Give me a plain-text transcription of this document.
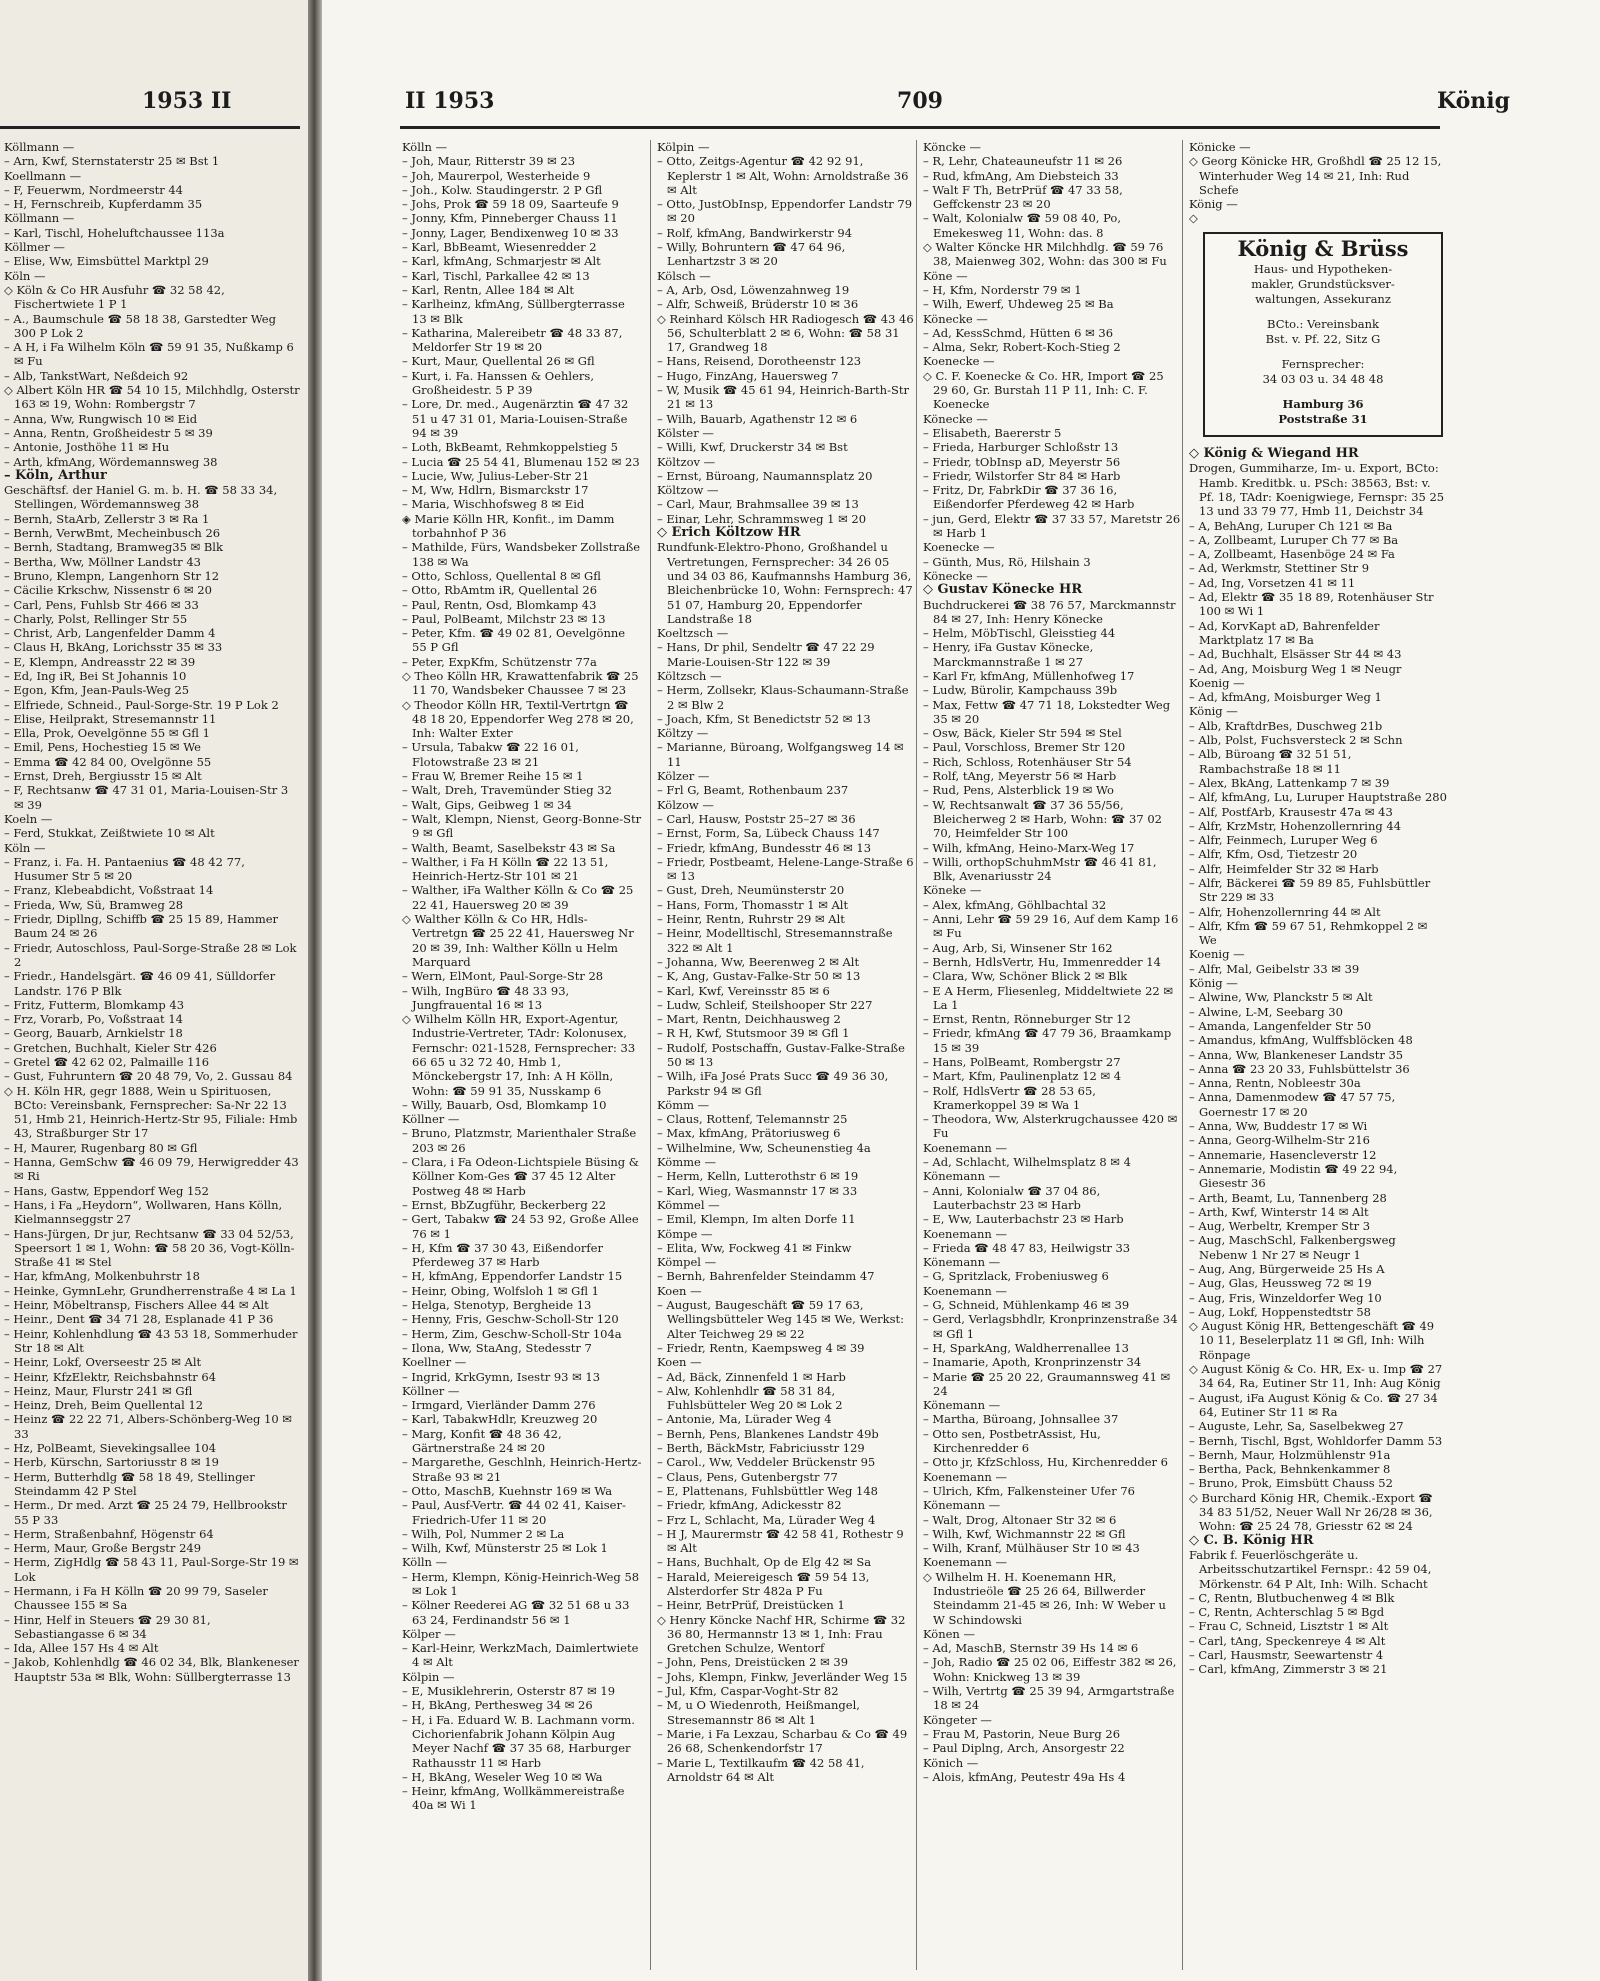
1953 II
Köllmann —
– Arn, Kwf, Sternstaterstr 25 ✉ Bst 1
Koellmann —
– F, Feuerwm, Nordmeerstr 44
– H, Fernschreib, Kupferdamm 35
Köllmann —
– Karl, Tischl, Hoheluftchaussee 113a
Köllmer —
– Elise, Ww, Eimsbüttel Marktpl 29
Köln —
◇ Köln & Co HR Ausfuhr ☎ 32 58 42, Fischertwiete 1 P 1
– A., Baumschule ☎ 58 18 38, Garstedter Weg 300 P Lok 2
– A H, i Fa Wilhelm Köln ☎ 59 91 35, Nußkamp 6 ✉ Fu
– Alb, TankstWart, Neßdeich 92
◇ Albert Köln HR ☎ 54 10 15, Milchhdlg, Osterstr 163 ✉ 19, Wohn: Rombergstr 7
– Anna, Ww, Rungwisch 10 ✉ Eid
– Anna, Rentn, Großheidestr 5 ✉ 39
– Antonie, Josthöhe 11 ✉ Hu
– Arth, kfmAng, Wördemannsweg 38
– Köln, Arthur
Geschäftsf. der Haniel G. m. b. H. ☎ 58 33 34, Stellingen, Wördemannsweg 38
– Bernh, StaArb, Zellerstr 3 ✉ Ra 1
– Bernh, VerwBmt, Mecheinbusch 26
– Bernh, Stadtang, Bramweg35 ✉ Blk
– Bertha, Ww, Möllner Landstr 43
– Bruno, Klempn, Langenhorn Str 12
– Cäcilie Krkschw, Nissenstr 6 ✉ 20
– Carl, Pens, Fuhlsb Str 466 ✉ 33
– Charly, Polst, Rellinger Str 55
– Christ, Arb, Langenfelder Damm 4
– Claus H, BkAng, Lorichsstr 35 ✉ 33
– E, Klempn, Andreasstr 22 ✉ 39
– Ed, Ing iR, Bei St Johannis 10
– Egon, Kfm, Jean-Pauls-Weg 25
– Elfriede, Schneid., Paul-Sorge-Str. 19 P Lok 2
– Elise, Heilprakt, Stresemannstr 11
– Ella, Prok, Oevelgönne 55 ✉ Gfl 1
– Emil, Pens, Hochestieg 15 ✉ We
– Emma ☎ 42 84 00, Ovelgönne 55
– Ernst, Dreh, Bergiusstr 15 ✉ Alt
– F, Rechtsanw ☎ 47 31 01, Maria-Louisen-Str 3 ✉ 39
Koeln —
– Ferd, Stukkat, Zeißtwiete 10 ✉ Alt
Köln —
– Franz, i. Fa. H. Pantaenius ☎ 48 42 77, Husumer Str 5 ✉ 20
– Franz, Klebeabdicht, Voßstraat 14
– Frieda, Ww, Sü, Bramweg 28
– Friedr, Dipllng, Schiffb ☎ 25 15 89, Hammer Baum 24 ✉ 26
– Friedr, Autoschloss, Paul-Sorge-Straße 28 ✉ Lok 2
– Friedr., Handelsgärt. ☎ 46 09 41, Sülldorfer Landstr. 176 P Blk
– Fritz, Futterm, Blomkamp 43
– Frz, Vorarb, Po, Voßstraat 14
– Georg, Bauarb, Arnkielstr 18
– Gretchen, Buchhalt, Kieler Str 426
– Gretel ☎ 42 62 02, Palmaille 116
– Gust, Fuhruntern ☎ 20 48 79, Vo, 2. Gussau 84
◇ H. Köln HR, gegr 1888, Wein u Spirituosen, BCto: Vereinsbank, Fernsprecher: Sa-Nr 22 13 51, Hmb 21, Heinrich-Hertz-Str 95, Filiale: Hmb 43, Straßburger Str 17
– H, Maurer, Rugenbarg 80 ✉ Gfl
– Hanna, GemSchw ☎ 46 09 79, Herwigredder 43 ✉ Ri
– Hans, Gastw, Eppendorf Weg 152
– Hans, i Fa „Heydorn“, Wollwaren, Hans Kölln, Kielmannseggstr 27
– Hans-Jürgen, Dr jur, Rechtsanw ☎ 33 04 52/53, Speersort 1 ✉ 1, Wohn: ☎ 58 20 36, Vogt-Kölln-Straße 41 ✉ Stel
– Har, kfmAng, Molkenbuhrstr 18
– Heinke, GymnLehr, Grundherrenstraße 4 ✉ La 1
– Heinr, Möbeltransp, Fischers Allee 44 ✉ Alt
– Heinr., Dent ☎ 34 71 28, Esplanade 41 P 36
– Heinr, Kohlenhdlung ☎ 43 53 18, Sommerhuder Str 18 ✉ Alt
– Heinr, Lokf, Overseestr 25 ✉ Alt
– Heinr, KfzElektr, Reichsbahnstr 64
– Heinz, Maur, Flurstr 241 ✉ Gfl
– Heinz, Dreh, Beim Quellental 12
– Heinz ☎ 22 22 71, Albers-Schönberg-Weg 10 ✉ 33
– Hz, PolBeamt, Sievekingsallee 104
– Herb, Kürschn, Sartoriusstr 8 ✉ 19
– Herm, Butterhdlg ☎ 58 18 49, Stellinger Steindamm 42 P Stel
– Herm., Dr med. Arzt ☎ 25 24 79, Hellbrookstr 55 P 33
– Herm, Straßenbahnf, Högenstr 64
– Herm, Maur, Große Bergstr 249
– Herm, ZigHdlg ☎ 58 43 11, Paul-Sorge-Str 19 ✉ Lok
– Hermann, i Fa H Kölln ☎ 20 99 79, Saseler Chaussee 155 ✉ Sa
– Hinr, Helf in Steuers ☎ 29 30 81, Sebastiangasse 6 ✉ 34
– Ida, Allee 157 Hs 4 ✉ Alt
– Jakob, Kohlenhdlg ☎ 46 02 34, Blk, Blankeneser Hauptstr 53a ✉ Blk, Wohn: Süllbergterrasse 13
II 1953	709	König
Kölln —
– Joh, Maur, Ritterstr 39 ✉ 23
– Joh, Maurerpol, Westerheide 9
– Joh., Kolw. Staudingerstr. 2 P Gfl
– Johs, Prok ☎ 59 18 09, Saarteufe 9
– Jonny, Kfm, Pinneberger Chauss 11
– Jonny, Lager, Bendixenweg 10 ✉ 33
– Karl, BbBeamt, Wiesenredder 2
– Karl, kfmAng, Schmarjestr ✉ Alt
– Karl, Tischl, Parkallee 42 ✉ 13
– Karl, Rentn, Allee 184 ✉ Alt
– Karlheinz, kfmAng, Süllbergterrasse 13 ✉ Blk
– Katharina, Malereibetr ☎ 48 33 87, Meldorfer Str 19 ✉ 20
– Kurt, Maur, Quellental 26 ✉ Gfl
– Kurt, i. Fa. Hanssen & Oehlers, Großheidestr. 5 P 39
– Lore, Dr. med., Augenärztin ☎ 47 32 51 u 47 31 01, Maria-Louisen-Straße 94 ✉ 39
– Loth, BkBeamt, Rehmkoppelstieg 5
– Lucia ☎ 25 54 41, Blumenau 152 ✉ 23
– Lucie, Ww, Julius-Leber-Str 21
– M, Ww, Hdlrn, Bismarckstr 17
– Maria, Wischhofsweg 8 ✉ Eid
◈ Marie Kölln HR, Konfit., im Damm torbahnhof P 36
– Mathilde, Fürs, Wandsbeker Zollstraße 138 ✉ Wa
– Otto, Schloss, Quellental 8 ✉ Gfl
– Otto, RbAmtm iR, Quellental 26
– Paul, Rentn, Osd, Blomkamp 43
– Paul, PolBeamt, Milchstr 23 ✉ 13
– Peter, Kfm. ☎ 49 02 81, Oevelgönne 55 P Gfl
– Peter, ExpKfm, Schützenstr 77a
◇ Theo Kölln HR, Krawattenfabrik ☎ 25 11 70, Wandsbeker Chaussee 7 ✉ 23
◇ Theodor Kölln HR, Textil-Vertrtgn ☎ 48 18 20, Eppendorfer Weg 278 ✉ 20, Inh: Walter Exter
– Ursula, Tabakw ☎ 22 16 01, Flotowstraße 23 ✉ 21
– Frau W, Bremer Reihe 15 ✉ 1
– Walt, Dreh, Travemünder Stieg 32
– Walt, Gips, Geibweg 1 ✉ 34
– Walt, Klempn, Nienst, Georg-Bonne-Str 9 ✉ Gfl
– Walth, Beamt, Saselbekstr 43 ✉ Sa
– Walther, i Fa H Kölln ☎ 22 13 51, Heinrich-Hertz-Str 101 ✉ 21
– Walther, iFa Walther Kölln & Co ☎ 25 22 41, Hauersweg 20 ✉ 39
◇ Walther Kölln & Co HR, Hdls-Vertretgn ☎ 25 22 41, Hauersweg Nr 20 ✉ 39, Inh: Walther Kölln u Helm Marquard
– Wern, ElMont, Paul-Sorge-Str 28
– Wilh, IngBüro ☎ 48 33 93, Jungfrauental 16 ✉ 13
◇ Wilhelm Kölln HR, Export-Agentur, Industrie-Vertreter, TAdr: Kolonusex, Fernschr: 021-1528, Fernsprecher: 33 66 65 u 32 72 40, Hmb 1, Mönckebergstr 17, Inh: A H Kölln, Wohn: ☎ 59 91 35, Nusskamp 6
– Willy, Bauarb, Osd, Blomkamp 10
Köllner —
– Bruno, Platzmstr, Marienthaler Straße 203 ✉ 26
– Clara, i Fa Odeon-Lichtspiele Büsing & Köllner Kom-Ges ☎ 37 45 12 Alter Postweg 48 ✉ Harb
– Ernst, BbZugführ, Beckerberg 22
– Gert, Tabakw ☎ 24 53 92, Große Allee 76 ✉ 1
– H, Kfm ☎ 37 30 43, Eißendorfer Pferdeweg 37 ✉ Harb
– H, kfmAng, Eppendorfer Landstr 15
– Heinr, Obing, Wolfsloh 1 ✉ Gfl 1
– Helga, Stenotyp, Bergheide 13
– Henny, Fris, Geschw-Scholl-Str 120
– Herm, Zim, Geschw-Scholl-Str 104a
– Ilona, Ww, StaAng, Stedesstr 7
Koellner —
– Ingrid, KrkGymn, Isestr 93 ✉ 13
Köllner —
– Irmgard, Vierländer Damm 276
– Karl, TabakwHdlr, Kreuzweg 20
– Marg, Konfit ☎ 48 36 42, Gärtnerstraße 24 ✉ 20
– Margarethe, Geschlnh, Heinrich-Hertz-Straße 93 ✉ 21
– Otto, MaschB, Kuehnstr 169 ✉ Wa
– Paul, Ausf-Vertr. ☎ 44 02 41, Kaiser-Friedrich-Ufer 11 ✉ 20
– Wilh, Pol, Nummer 2 ✉ La
– Wilh, Kwf, Münsterstr 25 ✉ Lok 1
Kölln —
– Herm, Klempn, König-Heinrich-Weg 58 ✉ Lok 1
– Kölner Reederei AG ☎ 32 51 68 u 33 63 24, Ferdinandstr 56 ✉ 1
Kölper —
– Karl-Heinr, WerkzMach, Daimlertwiete 4 ✉ Alt
Kölpin —
– E, Musiklehrerin, Osterstr 87 ✉ 19
– H, BkAng, Perthesweg 34 ✉ 26
– H, i Fa. Eduard W. B. Lachmann vorm. Cichorienfabrik Johann Kölpin Aug Meyer Nachf ☎ 37 35 68, Harburger Rathausstr 11 ✉ Harb
– H, BkAng, Weseler Weg 10 ✉ Wa
– Heinr, kfmAng, Wollkämmereistraße 40a ✉ Wi 1
Kölpin —
– Otto, Zeitgs-Agentur ☎ 42 92 91, Keplerstr 1 ✉ Alt, Wohn: Arnoldstraße 36 ✉ Alt
– Otto, JustObInsp, Eppendorfer Landstr 79 ✉ 20
– Rolf, kfmAng, Bandwirkerstr 94
– Willy, Bohruntern ☎ 47 64 96, Lenhartzstr 3 ✉ 20
Kölsch —
– A, Arb, Osd, Löwenzahnweg 19
– Alfr, Schweiß, Brüderstr 10 ✉ 36
◇ Reinhard Kölsch HR Radiogesch ☎ 43 46 56, Schulterblatt 2 ✉ 6, Wohn: ☎ 58 31 17, Grandweg 18
– Hans, Reisend, Dorotheenstr 123
– Hugo, FinzAng, Hauersweg 7
– W, Musik ☎ 45 61 94, Heinrich-Barth-Str 21 ✉ 13
– Wilh, Bauarb, Agathenstr 12 ✉ 6
Kölster —
– Willi, Kwf, Druckerstr 34 ✉ Bst
Költzov —
– Ernst, Büroang, Naumannsplatz 20
Költzow —
– Carl, Maur, Brahmsallee 39 ✉ 13
– Einar, Lehr, Schrammsweg 1 ✉ 20
◇ Erich Költzow HR
Rundfunk-Elektro-Phono, Großhandel u Vertretungen, Fernsprecher: 34 26 05 und 34 03 86, Kaufmannshs Hamburg 36, Bleichenbrücke 10, Wohn: Fernsprech: 47 51 07, Hamburg 20, Eppendorfer Landstraße 18
Koeltzsch —
– Hans, Dr phil, Sendeltr ☎ 47 22 29 Marie-Louisen-Str 122 ✉ 39
Költzsch —
– Herm, Zollsekr, Klaus-Schaumann-Straße 2 ✉ Blw 2
– Joach, Kfm, St Benedictstr 52 ✉ 13
Költzy —
– Marianne, Büroang, Wolfgangsweg 14 ✉ 11
Kölzer —
– Frl G, Beamt, Rothenbaum 237
Kölzow —
– Carl, Hausw, Poststr 25–27 ✉ 36
– Ernst, Form, Sa, Lübeck Chauss 147
– Friedr, kfmAng, Bundesstr 46 ✉ 13
– Friedr, Postbeamt, Helene-Lange-Straße 6 ✉ 13
– Gust, Dreh, Neumünsterstr 20
– Hans, Form, Thomasstr 1 ✉ Alt
– Heinr, Rentn, Ruhrstr 29 ✉ Alt
– Heinr, Modelltischl, Stresemannstraße 322 ✉ Alt 1
– Johanna, Ww, Beerenweg 2 ✉ Alt
– K, Ang, Gustav-Falke-Str 50 ✉ 13
– Karl, Kwf, Vereinsstr 85 ✉ 6
– Ludw, Schleif, Steilshooper Str 227
– Mart, Rentn, Deichhausweg 2
– R H, Kwf, Stutsmoor 39 ✉ Gfl 1
– Rudolf, Postschaffn, Gustav-Falke-Straße 50 ✉ 13
– Wilh, iFa José Prats Succ ☎ 49 36 30, Parkstr 94 ✉ Gfl
Kömm —
– Claus, Rottenf, Telemannstr 25
– Max, kfmAng, Prätoriusweg 6
– Wilhelmine, Ww, Scheunenstieg 4a
Kömme —
– Herm, Kelln, Lutterothstr 6 ✉ 19
– Karl, Wieg, Wasmannstr 17 ✉ 33
Kömmel —
– Emil, Klempn, Im alten Dorfe 11
Kömpe —
– Elita, Ww, Fockweg 41 ✉ Finkw
Kömpel —
– Bernh, Bahrenfelder Steindamm 47
Koen —
– August, Baugeschäft ☎ 59 17 63, Wellingsbütteler Weg 145 ✉ We, Werkst: Alter Teichweg 29 ✉ 22
– Friedr, Rentn, Kaempsweg 4 ✉ 39
Koen —
– Ad, Bäck, Zinnenfeld 1 ✉ Harb
– Alw, Kohlenhdlr ☎ 58 31 84, Fuhlsbütteler Weg 20 ✉ Lok 2
– Antonie, Ma, Lürader Weg 4
– Bernh, Pens, Blankenes Landstr 49b
– Berth, BäckMstr, Fabriciusstr 129
– Carol., Ww, Veddeler Brückenstr 95
– Claus, Pens, Gutenbergstr 77
– E, Plattenans, Fuhlsbüttler Weg 148
– Friedr, kfmAng, Adickesstr 82
– Frz L, Schlacht, Ma, Lürader Weg 4
– H J, Maurermstr ☎ 42 58 41, Rothestr 9 ✉ Alt
– Hans, Buchhalt, Op de Elg 42 ✉ Sa
– Harald, Meiereigesch ☎ 59 54 13, Alsterdorfer Str 482a P Fu
– Heinr, BetrPrüf, Dreistücken 1
◇ Henry Köncke Nachf HR, Schirme ☎ 32 36 80, Hermannstr 13 ✉ 1, Inh: Frau Gretchen Schulze, Wentorf
– John, Pens, Dreistücken 2 ✉ 39
– Johs, Klempn, Finkw, Jeverländer Weg 15
– Jul, Kfm, Caspar-Voght-Str 82
– M, u O Wiedenroth, Heißmangel, Stresemannstr 86 ✉ Alt 1
– Marie, i Fa Lexzau, Scharbau & Co ☎ 49 26 68, Schenkendorfstr 17
– Marie L, Textilkaufm ☎ 42 58 41, Arnoldstr 64 ✉ Alt
Köncke —
– R, Lehr, Chateauneufstr 11 ✉ 26
– Rud, kfmAng, Am Diebsteich 33
– Walt F Th, BetrPrüf ☎ 47 33 58, Geffckenstr 23 ✉ 20
– Walt, Kolonialw ☎ 59 08 40, Po, Emekesweg 11, Wohn: das. 8
◇ Walter Köncke HR Milchhdlg. ☎ 59 76 38, Maienweg 302, Wohn: das 300 ✉ Fu
Köne —
– H, Kfm, Norderstr 79 ✉ 1
– Wilh, Ewerf, Uhdeweg 25 ✉ Ba
Könecke —
– Ad, KessSchmd, Hütten 6 ✉ 36
– Alma, Sekr, Robert-Koch-Stieg 2
Koenecke —
◇ C. F. Koenecke & Co. HR, Import ☎ 25 29 60, Gr. Burstah 11 P 11, Inh: C. F. Koenecke
Könecke —
– Elisabeth, Baererstr 5
– Frieda, Harburger Schloßstr 13
– Friedr, tObInsp aD, Meyerstr 56
– Friedr, Wilstorfer Str 84 ✉ Harb
– Fritz, Dr, FabrkDir ☎ 37 36 16, Eißendorfer Pferdeweg 42 ✉ Harb
– jun, Gerd, Elektr ☎ 37 33 57, Maretstr 26 ✉ Harb 1
Koenecke —
– Günth, Mus, Rö, Hilshain 3
Könecke —
◇ Gustav Könecke HR
Buchdruckerei ☎ 38 76 57, Marckmannstr 84 ✉ 27, Inh: Henry Könecke
– Helm, MöbTischl, Gleisstieg 44
– Henry, iFa Gustav Könecke, Marckmannstraße 1 ✉ 27
– Karl Fr, kfmAng, Müllenhofweg 17
– Ludw, Bürolir, Kampchauss 39b
– Max, Fettw ☎ 47 71 18, Lokstedter Weg 35 ✉ 20
– Osw, Bäck, Kieler Str 594 ✉ Stel
– Paul, Vorschloss, Bremer Str 120
– Rich, Schloss, Rotenhäuser Str 54
– Rolf, tAng, Meyerstr 56 ✉ Harb
– Rud, Pens, Alsterblick 19 ✉ Wo
– W, Rechtsanwalt ☎ 37 36 55/56, Bleicherweg 2 ✉ Harb, Wohn: ☎ 37 02 70, Heimfelder Str 100
– Wilh, kfmAng, Heino-Marx-Weg 17
– Willi, orthopSchuhmMstr ☎ 46 41 81, Blk, Avenariusstr 24
Köneke —
– Alex, kfmAng, Göhlbachtal 32
– Anni, Lehr ☎ 59 29 16, Auf dem Kamp 16 ✉ Fu
– Aug, Arb, Si, Winsener Str 162
– Bernh, HdlsVertr, Hu, Immenredder 14
– Clara, Ww, Schöner Blick 2 ✉ Blk
– E A Herm, Fliesenleg, Middeltwiete 22 ✉ La 1
– Ernst, Rentn, Rönneburger Str 12
– Friedr, kfmAng ☎ 47 79 36, Braamkamp 15 ✉ 39
– Hans, PolBeamt, Rombergstr 27
– Mart, Kfm, Paulinenplatz 12 ✉ 4
– Rolf, HdlsVertr ☎ 28 53 65, Kramerkoppel 39 ✉ Wa 1
– Theodora, Ww, Alsterkrugchaussee 420 ✉ Fu
Koenemann —
– Ad, Schlacht, Wilhelmsplatz 8 ✉ 4
Könemann —
– Anni, Kolonialw ☎ 37 04 86, Lauterbachstr 23 ✉ Harb
– E, Ww, Lauterbachstr 23 ✉ Harb
Koenemann —
– Frieda ☎ 48 47 83, Heilwigstr 33
Könemann —
– G, Spritzlack, Frobeniusweg 6
Koenemann —
– G, Schneid, Mühlenkamp 46 ✉ 39
– Gerd, Verlagsbhdlr, Kronprinzenstraße 34 ✉ Gfl 1
– H, SparkAng, Waldherrenallee 13
– Inamarie, Apoth, Kronprinzenstr 34
– Marie ☎ 25 20 22, Graumannsweg 41 ✉ 24
Könemann —
– Martha, Büroang, Johnsallee 37
– Otto sen, PostbetrAssist, Hu, Kirchenredder 6
– Otto jr, KfzSchloss, Hu, Kirchenredder 6
Koenemann —
– Ulrich, Kfm, Falkensteiner Ufer 76
Könemann —
– Walt, Drog, Altonaer Str 32 ✉ 6
– Wilh, Kwf, Wichmannstr 22 ✉ Gfl
– Wilh, Kranf, Mülhäuser Str 10 ✉ 43
Koenemann —
◇ Wilhelm H. H. Koenemann HR, Industrieöle ☎ 25 26 64, Billwerder Steindamm 21-45 ✉ 26, Inh: W Weber u W Schindowski
Könen —
– Ad, MaschB, Sternstr 39 Hs 14 ✉ 6
– Joh, Radio ☎ 25 02 06, Eiffestr 382 ✉ 26, Wohn: Knickweg 13 ✉ 39
– Wilh, Vertrtg ☎ 25 39 94, Armgartstraße 18 ✉ 24
Köngeter —
– Frau M, Pastorin, Neue Burg 26
– Paul Diplng, Arch, Ansorgestr 22
Könich —
– Alois, kfmAng, Peutestr 49a Hs 4
Könicke —
◇ Georg Könicke HR, Großhdl ☎ 25 12 15, Winterhuder Weg 14 ✉ 21, Inh: Rud Schefe
König —
◇
König & Brüss
Haus- und Hypotheken-
makler, Grundstücksver-
waltungen, Assekuranz
BCto.: Vereinsbank
Bst. v. Pf. 22, Sitz G
Fernsprecher:
34 03 03 u. 34 48 48
Hamburg 36
Poststraße 31
◇ König & Wiegand HR
Drogen, Gummiharze, Im- u. Export, BCto: Hamb. Kreditbk. u. PSch: 38563, Bst: v. Pf. 18, TAdr: Koenigwiege, Fernspr: 35 25 13 und 33 79 77, Hmb 11, Deichstr 34
– A, BehAng, Luruper Ch 121 ✉ Ba
– A, Zollbeamt, Luruper Ch 77 ✉ Ba
– A, Zollbeamt, Hasenböge 24 ✉ Fa
– Ad, Werkmstr, Stettiner Str 9
– Ad, Ing, Vorsetzen 41 ✉ 11
– Ad, Elektr ☎ 35 18 89, Rotenhäuser Str 100 ✉ Wi 1
– Ad, KorvKapt aD, Bahrenfelder Marktplatz 17 ✉ Ba
– Ad, Buchhalt, Elsässer Str 44 ✉ 43
– Ad, Ang, Moisburg Weg 1 ✉ Neugr
Koenig —
– Ad, kfmAng, Moisburger Weg 1
König —
– Alb, KraftdrBes, Duschweg 21b
– Alb, Polst, Fuchsversteck 2 ✉ Schn
– Alb, Büroang ☎ 32 51 51, Rambachstraße 18 ✉ 11
– Alex, BkAng, Lattenkamp 7 ✉ 39
– Alf, kfmAng, Lu, Luruper Hauptstraße 280
– Alf, PostfArb, Krausestr 47a ✉ 43
– Alfr, KrzMstr, Hohenzollernring 44
– Alfr, Feinmech, Luruper Weg 6
– Alfr, Kfm, Osd, Tietzestr 20
– Alfr, Heimfelder Str 32 ✉ Harb
– Alfr, Bäckerei ☎ 59 89 85, Fuhlsbüttler Str 229 ✉ 33
– Alfr, Hohenzollernring 44 ✉ Alt
– Alfr, Kfm ☎ 59 67 51, Rehmkoppel 2 ✉ We
Koenig —
– Alfr, Mal, Geibelstr 33 ✉ 39
König —
– Alwine, Ww, Planckstr 5 ✉ Alt
– Alwine, L-M, Seebarg 30
– Amanda, Langenfelder Str 50
– Amandus, kfmAng, Wulffsblöcken 48
– Anna, Ww, Blankeneser Landstr 35
– Anna ☎ 23 20 33, Fuhlsbüttelstr 36
– Anna, Rentn, Nobleestr 30a
– Anna, Damenmodew ☎ 47 57 75, Goernestr 17 ✉ 20
– Anna, Ww, Buddestr 17 ✉ Wi
– Anna, Georg-Wilhelm-Str 216
– Annemarie, Hasencleverstr 12
– Annemarie, Modistin ☎ 49 22 94, Giesestr 36
– Arth, Beamt, Lu, Tannenberg 28
– Arth, Kwf, Winterstr 14 ✉ Alt
– Aug, Werbeltr, Kremper Str 3
– Aug, MaschSchl, Falkenbergsweg Nebenw 1 Nr 27 ✉ Neugr 1
– Aug, Ang, Bürgerweide 25 Hs A
– Aug, Glas, Heussweg 72 ✉ 19
– Aug, Fris, Winzeldorfer Weg 10
– Aug, Lokf, Hoppenstedtstr 58
◇ August König HR, Bettengeschäft ☎ 49 10 11, Beselerplatz 11 ✉ Gfl, Inh: Wilh Rönpage
◇ August König & Co. HR, Ex- u. Imp ☎ 27 34 64, Ra, Eutiner Str 11, Inh: Aug König
– August, iFa August König & Co. ☎ 27 34 64, Eutiner Str 11 ✉ Ra
– Auguste, Lehr, Sa, Saselbekweg 27
– Bernh, Tischl, Bgst, Wohldorfer Damm 53
– Bernh, Maur, Holzmühlenstr 91a
– Bertha, Pack, Behnkenkammer 8
– Bruno, Prok, Eimsbütt Chauss 52
◇ Burchard König HR, Chemik.-Export ☎ 34 83 51/52, Neuer Wall Nr 26/28 ✉ 36, Wohn: ☎ 25 24 78, Griesstr 62 ✉ 24
◇ C. B. König HR
Fabrik f. Feuerlöschgeräte u. Arbeitsschutzartikel Fernspr.: 42 59 04, Mörkenstr. 64 P Alt, Inh: Wilh. Schacht
– C, Rentn, Blutbuchenweg 4 ✉ Blk
– C, Rentn, Achterschlag 5 ✉ Bgd
– Frau C, Schneid, Lisztstr 1 ✉ Alt
– Carl, tAng, Speckenreye 4 ✉ Alt
– Carl, Hausmstr, Seewartenstr 4
– Carl, kfmAng, Zimmerstr 3 ✉ 21
